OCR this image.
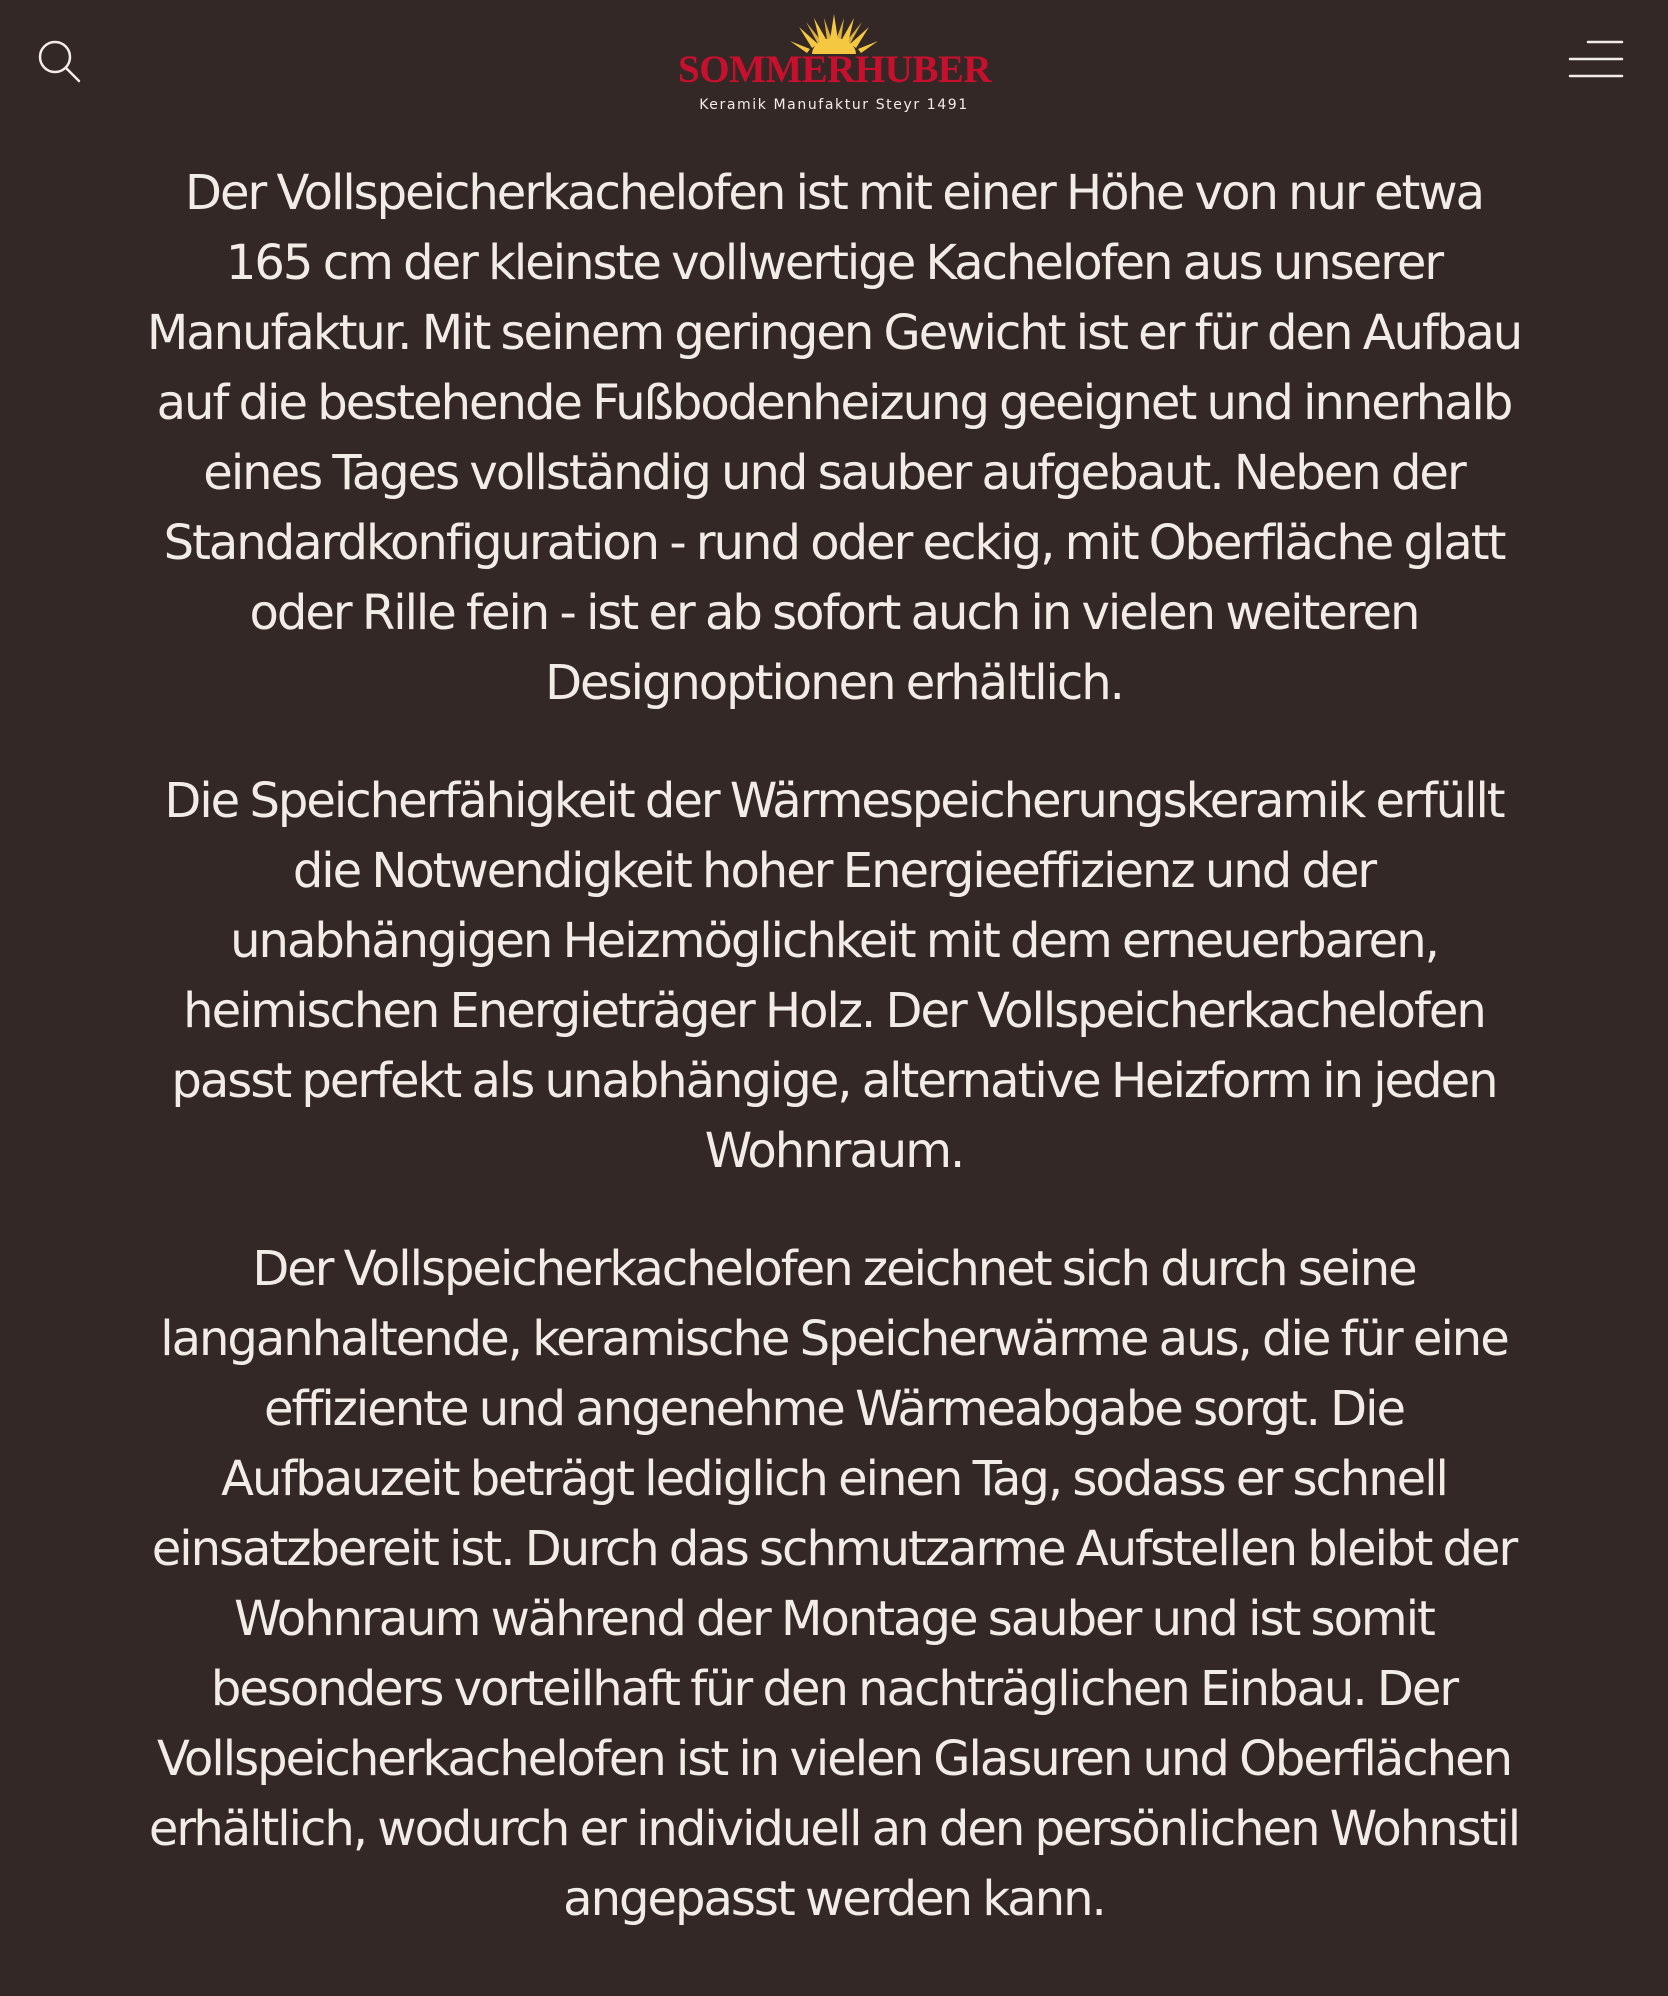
SOMMERHUBER
Keramik Manufaktur Steyr 1491

Der Vollspeicherkachelofen ist mit einer Höhe von nur etwa 165 cm der kleinste vollwertige Kachelofen aus unserer Manufaktur. Mit seinem geringen Gewicht ist er für den Aufbau auf die bestehende Fußbodenheizung geeignet und innerhalb eines Tages vollständig und sauber aufgebaut. Neben der Standardkonfiguration - rund oder eckig, mit Oberfläche glatt oder Rille fein - ist er ab sofort auch in vielen weiteren Designoptionen erhältlich.

Die Speicherfähigkeit der Wärmespeicherungskeramik erfüllt die Notwendigkeit hoher Energieeffizienz und der unabhängigen Heizmöglichkeit mit dem erneuerbaren, heimischen Energieträger Holz. Der Vollspeicherkachelofen passt perfekt als unabhängige, alternative Heizform in jeden Wohnraum.

Der Vollspeicherkachelofen zeichnet sich durch seine langanhaltende, keramische Speicherwärme aus, die für eine effiziente und angenehme Wärmeabgabe sorgt. Die Aufbauzeit beträgt lediglich einen Tag, sodass er schnell einsatzbereit ist. Durch das schmutzarme Aufstellen bleibt der Wohnraum während der Montage sauber und ist somit besonders vorteilhaft für den nachträglichen Einbau. Der Vollspeicherkachelofen ist in vielen Glasuren und Oberflächen erhältlich, wodurch er individuell an den persönlichen Wohnstil angepasst werden kann.
